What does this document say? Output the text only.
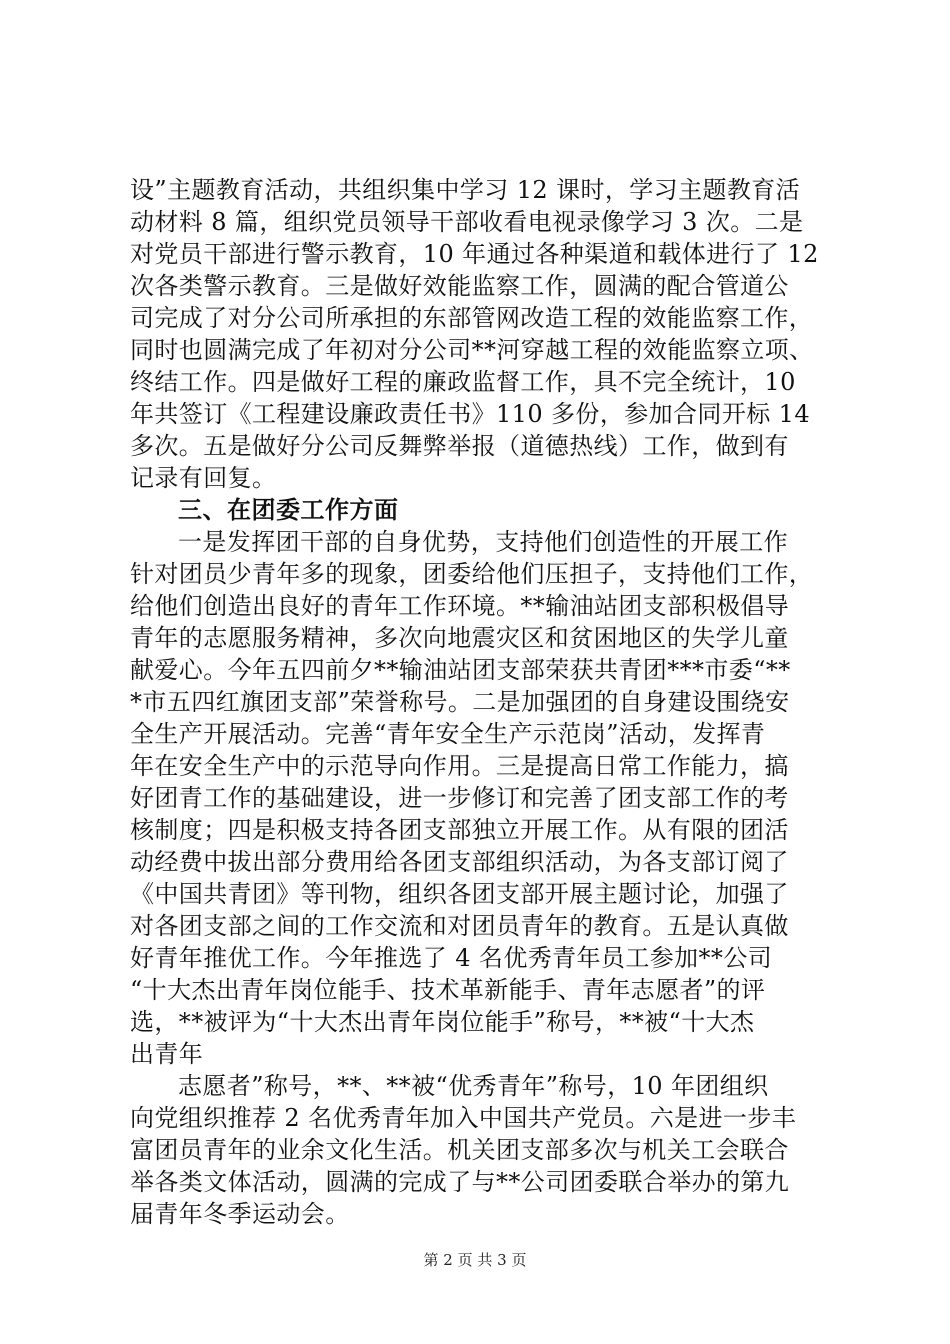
设”主题教育活动，共组织集中学习 12 课时，学习主题教育活
动材料 8 篇，组织党员领导干部收看电视录像学习 3 次。二是
对党员干部进行警示教育，10 年通过各种渠道和载体进行了 12
次各类警示教育。三是做好效能监察工作，圆满的配合管道公
司完成了对分公司所承担的东部管网改造工程的效能监察工作，
同时也圆满完成了年初对分公司**河穿越工程的效能监察立项、
终结工作。四是做好工程的廉政监督工作，具不完全统计，10
年共签订《工程建设廉政责任书》110 多份，参加合同开标 14
多次。五是做好分公司反舞弊举报（道德热线）工作，做到有
记录有回复。
三、在团委工作方面
一是发挥团干部的自身优势，支持他们创造性的开展工作
针对团员少青年多的现象，团委给他们压担子，支持他们工作，
给他们创造出良好的青年工作环境。**输油站团支部积极倡导
青年的志愿服务精神，多次向地震灾区和贫困地区的失学儿童
献爱心。今年五四前夕**输油站团支部荣获共青团***市委“**
*市五四红旗团支部”荣誉称号。二是加强团的自身建设围绕安
全生产开展活动。完善“青年安全生产示范岗”活动，发挥青
年在安全生产中的示范导向作用。三是提高日常工作能力，搞
好团青工作的基础建设，进一步修订和完善了团支部工作的考
核制度；四是积极支持各团支部独立开展工作。从有限的团活
动经费中拔出部分费用给各团支部组织活动，为各支部订阅了
《中国共青团》等刊物，组织各团支部开展主题讨论，加强了
对各团支部之间的工作交流和对团员青年的教育。五是认真做
好青年推优工作。今年推选了 4 名优秀青年员工参加**公司
“十大杰出青年岗位能手、技术革新能手、青年志愿者”的评
选，**被评为“十大杰出青年岗位能手”称号，**被“十大杰
出青年
志愿者”称号，**、**被“优秀青年”称号，10 年团组织
向党组织推荐 2 名优秀青年加入中国共产党员。六是进一步丰
富团员青年的业余文化生活。机关团支部多次与机关工会联合
举各类文体活动，圆满的完成了与**公司团委联合举办的第九
届青年冬季运动会。
第 2 页 共 3 页
